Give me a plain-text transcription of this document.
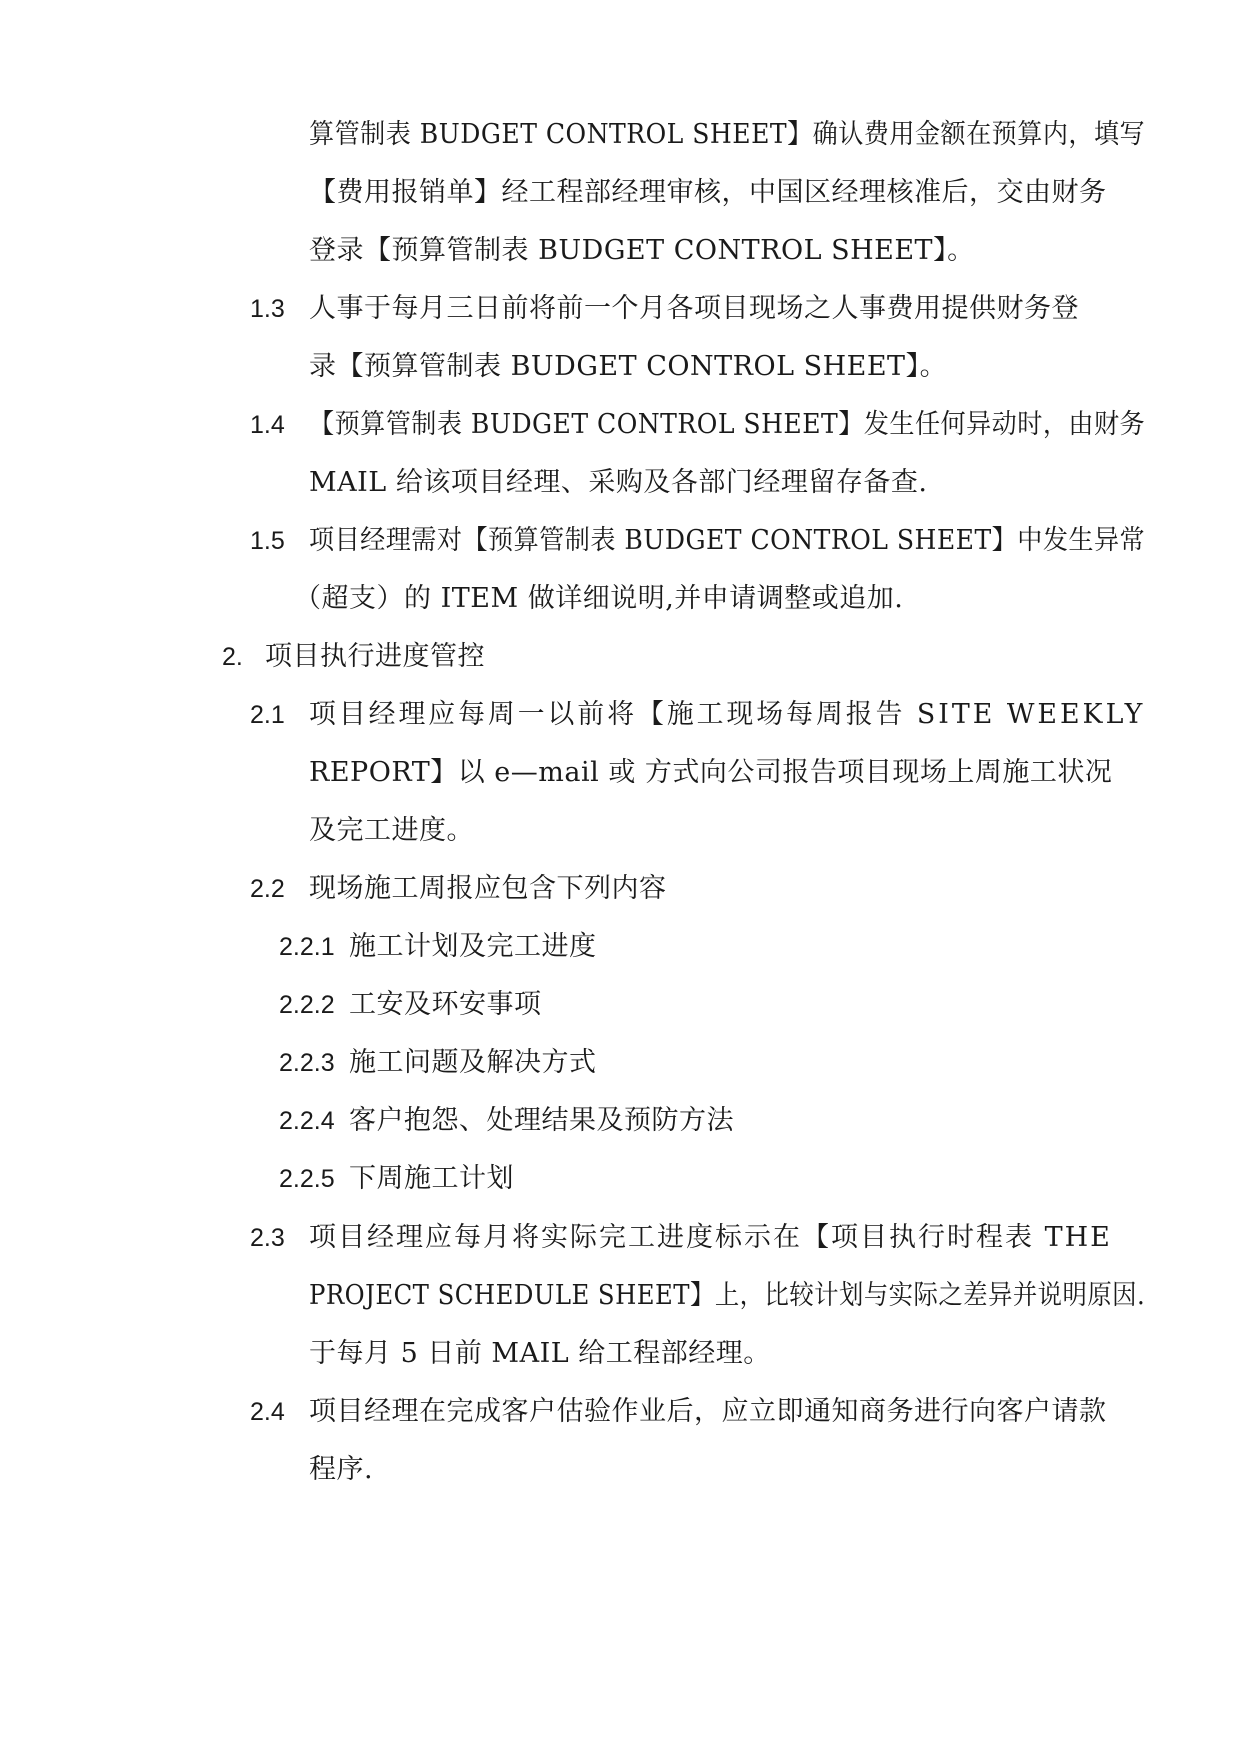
算管制表 BUDGET CONTROL SHEET】确认费用金额在预算内，填写
【费用报销单】经工程部经理审核，中国区经理核准后，交由财务
登录【预算管制表 BUDGET CONTROL SHEET】。
1.3 人事于每月三日前将前一个月各项目现场之人事费用提供财务登
录【预算管制表 BUDGET CONTROL SHEET】。
1.4 【预算管制表 BUDGET CONTROL SHEET】发生任何异动时，由财务
MAIL 给该项目经理、采购及各部门经理留存备查.
1.5 项目经理需对【预算管制表 BUDGET CONTROL SHEET】中发生异常
（超支）的 ITEM 做详细说明,并申请调整或追加.
2. 项目执行进度管控
2.1 项目经理应每周一以前将【施工现场每周报告 SITE WEEKLY
REPORT】以 e—mail 或 方式向公司报告项目现场上周施工状况
及完工进度。
2.2 现场施工周报应包含下列内容
2.2.1 施工计划及完工进度
2.2.2 工安及环安事项
2.2.3 施工问题及解决方式
2.2.4 客户抱怨、处理结果及预防方法
2.2.5 下周施工计划
2.3 项目经理应每月将实际完工进度标示在【项目执行时程表 THE
PROJECT SCHEDULE SHEET】上，比较计划与实际之差异并说明原因.
于每月 5 日前 MAIL 给工程部经理。
2.4 项目经理在完成客户估验作业后，应立即通知商务进行向客户请款
程序.
